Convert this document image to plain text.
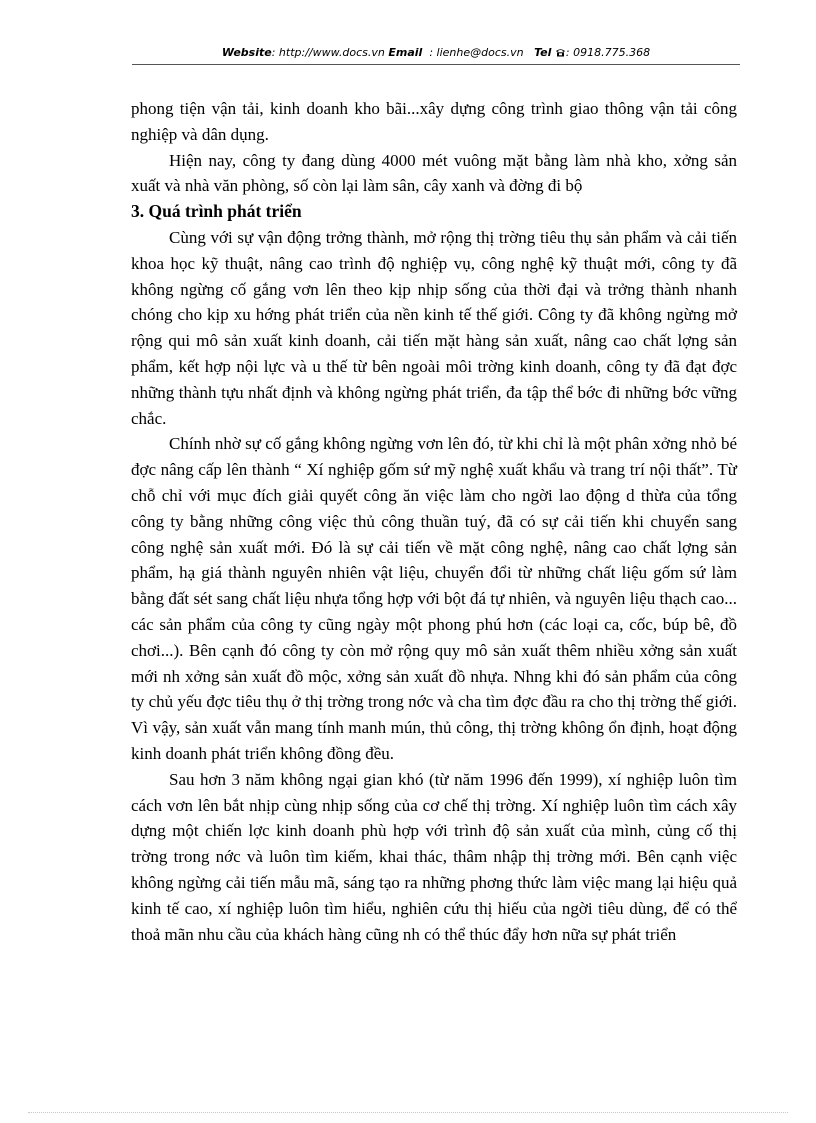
Website: http://www.docs.vn Email : lienhe@docs.vn Tel : 0918.775.368

phong tiện vận tải, kinh doanh kho bãi...xây dựng công trình giao thông vận tải công nghiệp và dân dụng.

Hiện nay, công ty đang dùng 4000 mét vuông mặt bằng làm nhà kho, xởng sản xuất và nhà văn phòng, số còn lại làm sân, cây xanh và đờng đi bộ

3. Quá trình phát triển

Cùng với sự vận động trởng thành, mở rộng thị trờng tiêu thụ sản phẩm và cải tiến khoa học kỹ thuật, nâng cao trình độ nghiệp vụ, công nghệ kỹ thuật mới, công ty đã không ngừng cố gắng vơn lên theo kịp nhịp sống của thời đại và trởng thành nhanh chóng cho kịp xu hớng phát triển của nền kinh tế thế giới. Công ty đã không ngừng mở rộng qui mô sản xuất kinh doanh, cải tiến mặt hàng sản xuất, nâng cao chất lợng sản phẩm, kết hợp nội lực và u thế từ bên ngoài môi trờng kinh doanh, công ty đã đạt đợc những thành tựu nhất định và không ngừng phát triển, đa tập thể bớc đi những bớc vững chắc.

Chính nhờ sự cố gắng không ngừng vơn lên đó, từ khi chỉ là một phân xởng nhỏ bé đợc nâng cấp lên thành “ Xí nghiệp gốm sứ mỹ nghệ xuất khẩu và trang trí nội thất”. Từ chỗ chỉ với mục đích giải quyết công ăn việc làm cho ngời lao động d thừa của tổng công ty bằng những công việc thủ công thuần tuý, đã có sự cải tiến khi chuyển sang công nghệ sản xuất mới. Đó là sự cải tiến về mặt công nghệ, nâng cao chất lợng sản phẩm, hạ giá thành nguyên nhiên vật liệu, chuyển đổi từ những chất liệu gốm sứ làm bằng đất sét sang chất liệu nhựa tổng hợp với bột đá tự nhiên, và nguyên liệu thạch cao... các sản phẩm của công ty cũng ngày một phong phú hơn (các loại ca, cốc, búp bê, đồ chơi...). Bên cạnh đó công ty còn mở rộng quy mô sản xuất thêm nhiều xởng sản xuất mới nh xởng sản xuất đồ mộc, xởng sản xuất đồ nhựa. Nhng khi đó sản phẩm của công ty chủ yếu đợc tiêu thụ ở thị trờng trong nớc và cha tìm đợc đầu ra cho thị trờng thế giới. Vì vậy, sản xuất vẫn mang tính manh mún, thủ công, thị trờng không ổn định, hoạt động kinh doanh phát triển không đồng đều.

Sau hơn 3 năm không ngại gian khó (từ năm 1996 đến 1999), xí nghiệp luôn tìm cách vơn lên bắt nhịp cùng nhịp sống của cơ chế thị trờng. Xí nghiệp luôn tìm cách xây dựng một chiến lợc kinh doanh phù hợp với trình độ sản xuất của mình, củng cố thị trờng trong nớc và luôn tìm kiếm, khai thác, thâm nhập thị trờng mới. Bên cạnh việc không ngừng cải tiến mẫu mã, sáng tạo ra những phơng thức làm việc mang lại hiệu quả kinh tế cao, xí nghiệp luôn tìm hiểu, nghiên cứu thị hiếu của ngời tiêu dùng, để có thể thoả mãn nhu cầu của khách hàng cũng nh có thể thúc đẩy hơn nữa sự phát triển
